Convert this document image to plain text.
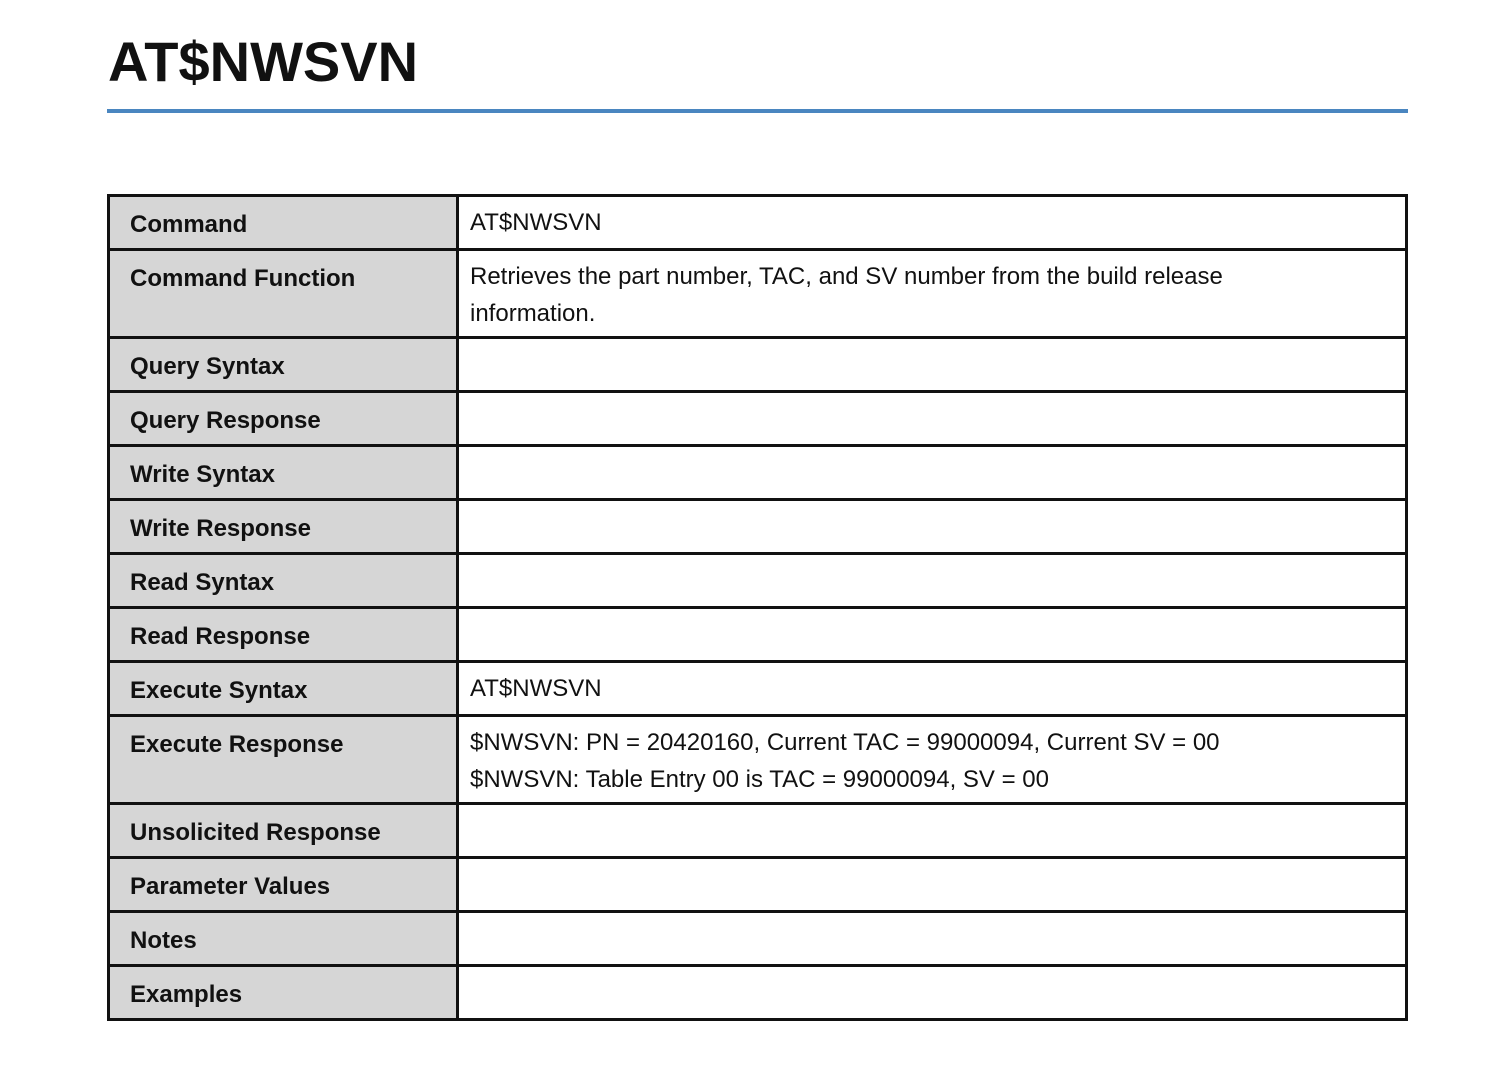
AT$NWSVN
Command	AT$NWSVN

Command Function	Retrieves the part number, TAC, and SV number from the build release
information.

Query Syntax	
Query Response	
Write Syntax	
Write Response	
Read Syntax	
Read Response	
Execute Syntax	AT$NWSVN

Execute Response	$NWSVN: PN = 20420160, Current TAC = 99000094, Current SV = 00
$NWSVN: Table Entry 00 is TAC = 99000094, SV = 00

Unsolicited Response	
Parameter Values	
Notes	
Examples	
